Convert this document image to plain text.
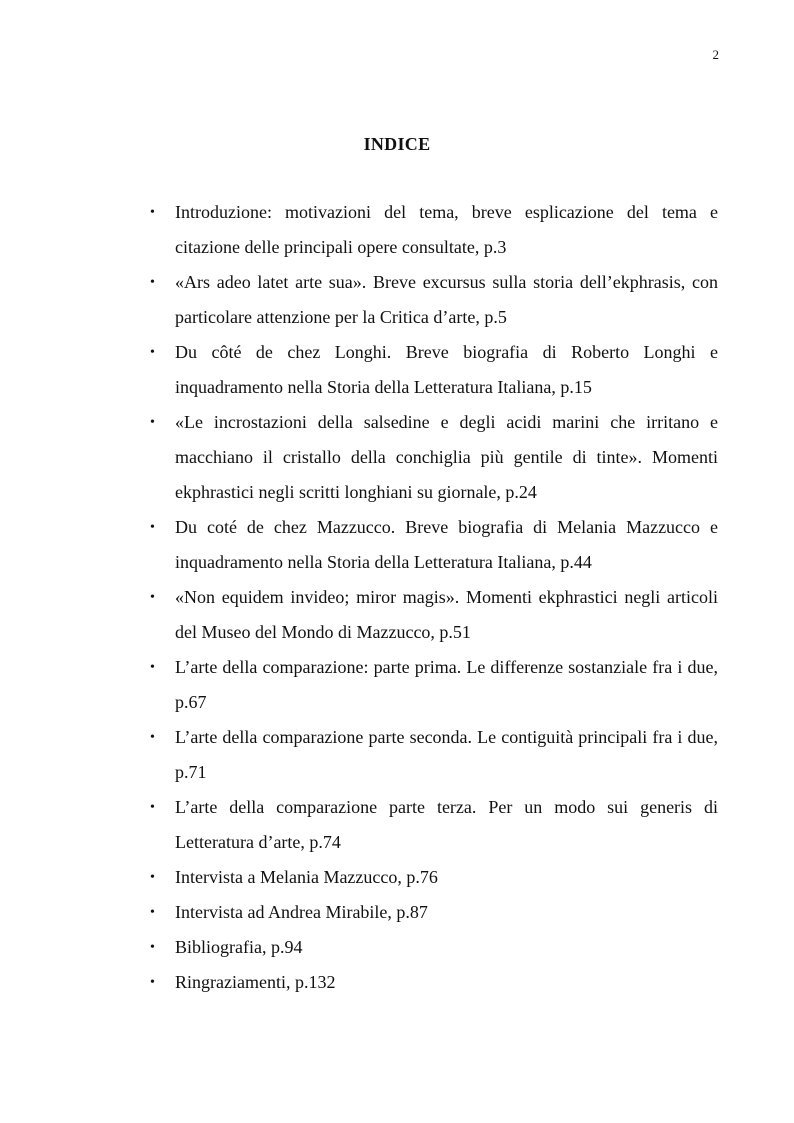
2
INDICE
• Introduzione: motivazioni del tema, breve esplicazione del tema e citazione delle principali opere consultate, p.3
• «Ars adeo latet arte sua». Breve excursus sulla storia dell’ekphrasis, con particolare attenzione per la Critica d’arte, p.5
• Du côté de chez Longhi. Breve biografia di Roberto Longhi e inquadramento nella Storia della Letteratura Italiana, p.15
• «Le incrostazioni della salsedine e degli acidi marini che irritano e macchiano il cristallo della conchiglia più gentile di tinte». Momenti ekphrastici negli scritti longhiani su giornale, p.24
• Du coté de chez Mazzucco. Breve biografia di Melania Mazzucco e inquadramento nella Storia della Letteratura Italiana, p.44
• «Non equidem invideo; miror magis». Momenti ekphrastici negli articoli del Museo del Mondo di Mazzucco, p.51
• L’arte della comparazione: parte prima. Le differenze sostanziale fra i due, p.67
• L’arte della comparazione parte seconda. Le contiguità principali fra i due, p.71
• L’arte della comparazione parte terza. Per un modo sui generis di Letteratura d’arte, p.74
• Intervista a Melania Mazzucco, p.76
• Intervista ad Andrea Mirabile, p.87
• Bibliografia, p.94
• Ringraziamenti, p.132
